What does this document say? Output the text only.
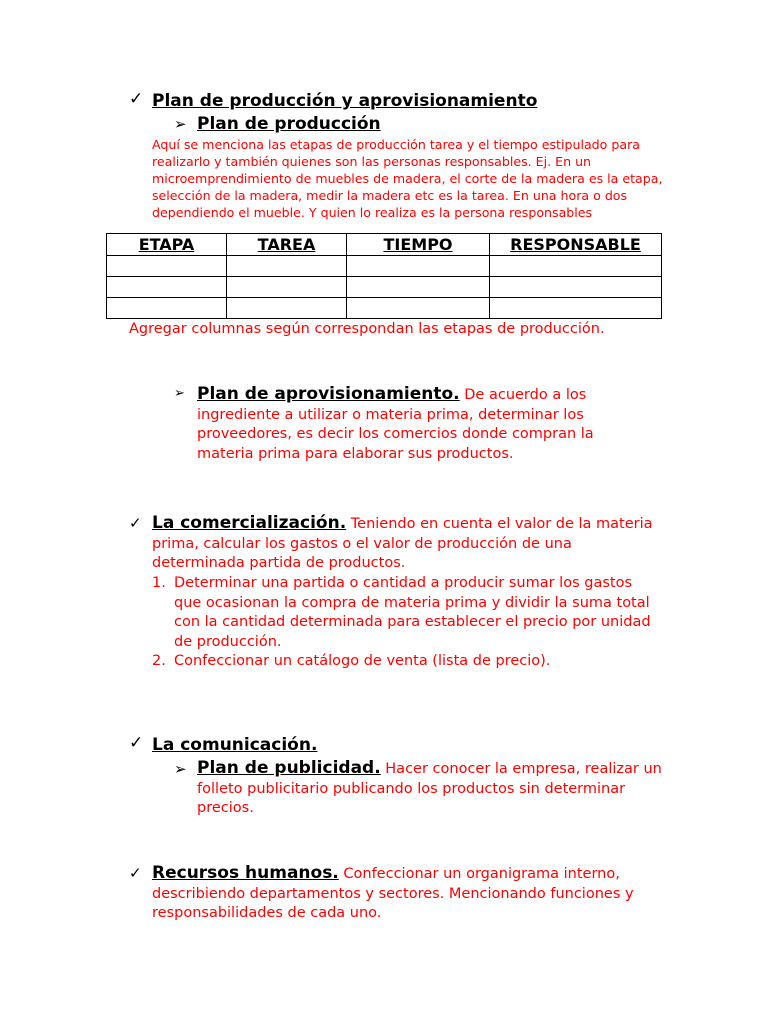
✓ Plan de producción y aprovisionamiento
➢ Plan de producción
Aquí se menciona las etapas de producción tarea y el tiempo estipulado para realizarlo y también quienes son las personas responsables. Ej. En un microemprendimiento de muebles de madera, el corte de la madera es la etapa, selección de la madera, medir la madera etc es la tarea. En una hora o dos dependiendo el mueble. Y quien lo realiza es la persona responsables
ETAPA	TAREA	TIEMPO	RESPONSABLE

Agregar columnas según correspondan las etapas de producción.
➢ Plan de aprovisionamiento. De acuerdo a los ingrediente a utilizar o materia prima, determinar los proveedores, es decir los comercios donde compran la materia prima para elaborar sus productos.
✓ La comercialización. Teniendo en cuenta el valor de la materia prima, calcular los gastos o el valor de producción de una determinada partida de productos.
1. Determinar una partida o cantidad a producir sumar los gastos que ocasionan la compra de materia prima y dividir la suma total con la cantidad determinada para establecer el precio por unidad de producción.
2. Confeccionar un catálogo de venta (lista de precio).
✓ La comunicación.
➢ Plan de publicidad. Hacer conocer la empresa, realizar un folleto publicitario publicando los productos sin determinar precios.
✓ Recursos humanos. Confeccionar un organigrama interno, describiendo departamentos y sectores. Mencionando funciones y responsabilidades de cada uno.
